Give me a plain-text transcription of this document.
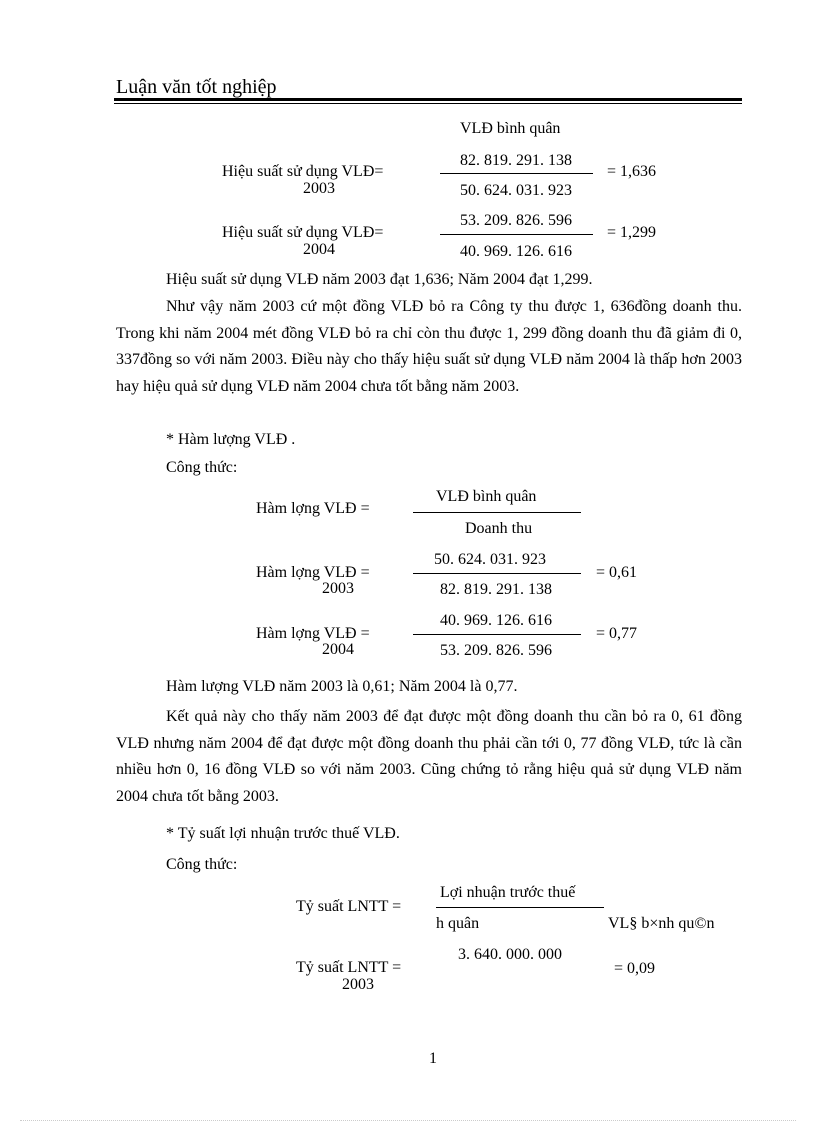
Luận văn tốt nghiệp
VLĐ bình quân
Hiệu suất sử dụng VLĐ=
2003
82. 819. 291. 138
50. 624. 031. 923
= 1,636
Hiệu suất sử dụng VLĐ=
2004
53. 209. 826. 596
40. 969. 126. 616
= 1,299
Hiệu suất sử dụng VLĐ năm 2003 đạt 1,636; Năm 2004 đạt 1,299.
Như vậy năm 2003 cứ một đồng VLĐ bỏ ra Công ty thu được 1, 636đồng doanh thu. Trong khi năm 2004 mét đồng VLĐ bỏ ra chỉ còn thu được 1, 299 đồng doanh thu đã giảm đi 0, 337đồng so với năm 2003. Điều này cho thấy hiệu suất sử dụng VLĐ năm 2004 là thấp hơn 2003 hay hiệu quả sử dụng VLĐ năm 2004 chưa tốt bằng năm 2003.
* Hàm lượng VLĐ .
Công thức:
Hàm lợng VLĐ =
VLĐ bình quân
Doanh thu
Hàm lợng VLĐ =
2003
50. 624. 031. 923
82. 819. 291. 138
= 0,61
Hàm lợng VLĐ =
2004
40. 969. 126. 616
53. 209. 826. 596
= 0,77
Hàm lượng VLĐ năm 2003 là 0,61; Năm 2004 là 0,77.
Kết quả này cho thấy năm 2003 để đạt được một đồng doanh thu cần bỏ ra 0, 61 đồng VLĐ nhưng năm 2004 để đạt được một đồng doanh thu phải cần tới 0, 77 đồng VLĐ, tức là cần nhiều hơn 0, 16 đồng VLĐ so với năm 2003. Cũng chứng tỏ rằng hiệu quả sử dụng VLĐ năm 2004 chưa tốt bằng 2003.
* Tỷ suất lợi nhuận trước thuế VLĐ.
Công thức:
Tỷ suất LNTT =
Lợi nhuận trước thuế
h quân	VL§ b×nh qu©n
Tỷ suất LNTT =
2003
3. 640. 000. 000
= 0,09
1
